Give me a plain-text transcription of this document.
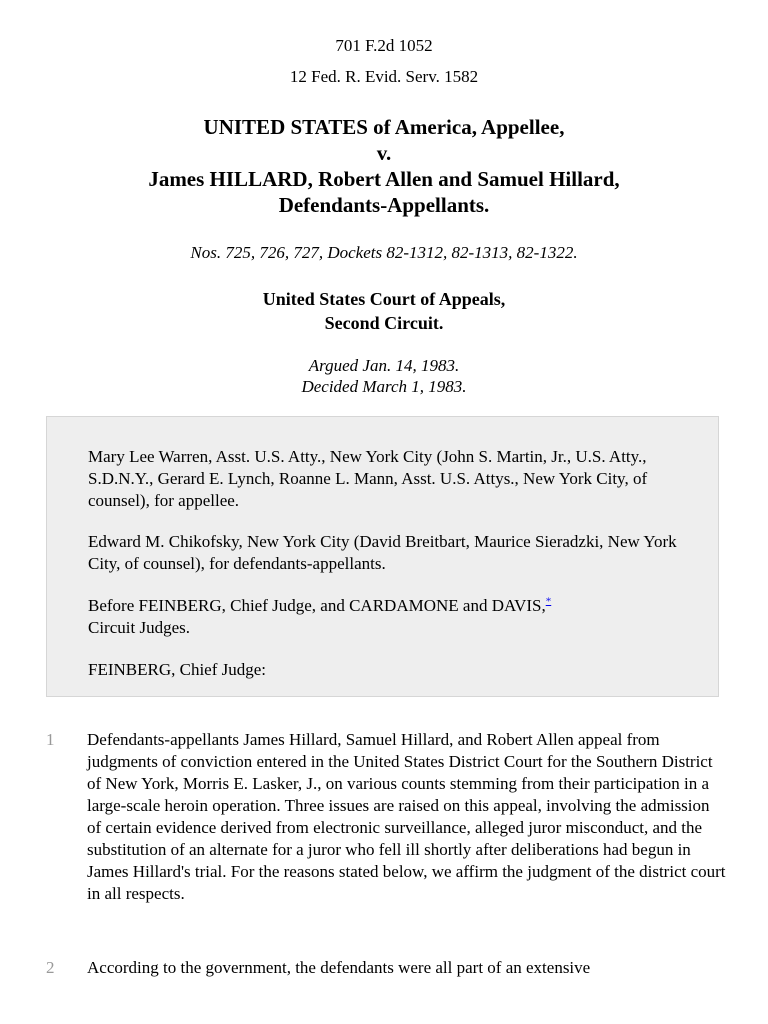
701 F.2d 1052
12 Fed. R. Evid. Serv. 1582
UNITED STATES of America, Appellee,
v.
James HILLARD, Robert Allen and Samuel Hillard,
Defendants-Appellants.
Nos. 725, 726, 727, Dockets 82-1312, 82-1313, 82-1322.
United States Court of Appeals,
Second Circuit.
Argued Jan. 14, 1983.
Decided March 1, 1983.

Mary Lee Warren, Asst. U.S. Atty., New York City (John S. Martin, Jr., U.S. Atty., S.D.N.Y., Gerard E. Lynch, Roanne L. Mann, Asst. U.S. Attys., New York City, of counsel), for appellee.

Edward M. Chikofsky, New York City (David Breitbart, Maurice Sieradzki, New York City, of counsel), for defendants-appellants.

Before FEINBERG, Chief Judge, and CARDAMONE and DAVIS,*
Circuit Judges.

FEINBERG, Chief Judge:

1 Defendants-appellants James Hillard, Samuel Hillard, and Robert Allen appeal from judgments of conviction entered in the United States District Court for the Southern District of New York, Morris E. Lasker, J., on various counts stemming from their participation in a large-scale heroin operation. Three issues are raised on this appeal, involving the admission of certain evidence derived from electronic surveillance, alleged juror misconduct, and the substitution of an alternate for a juror who fell ill shortly after deliberations had begun in James Hillard's trial. For the reasons stated below, we affirm the judgment of the district court in all respects.

2 According to the government, the defendants were all part of an extensive
